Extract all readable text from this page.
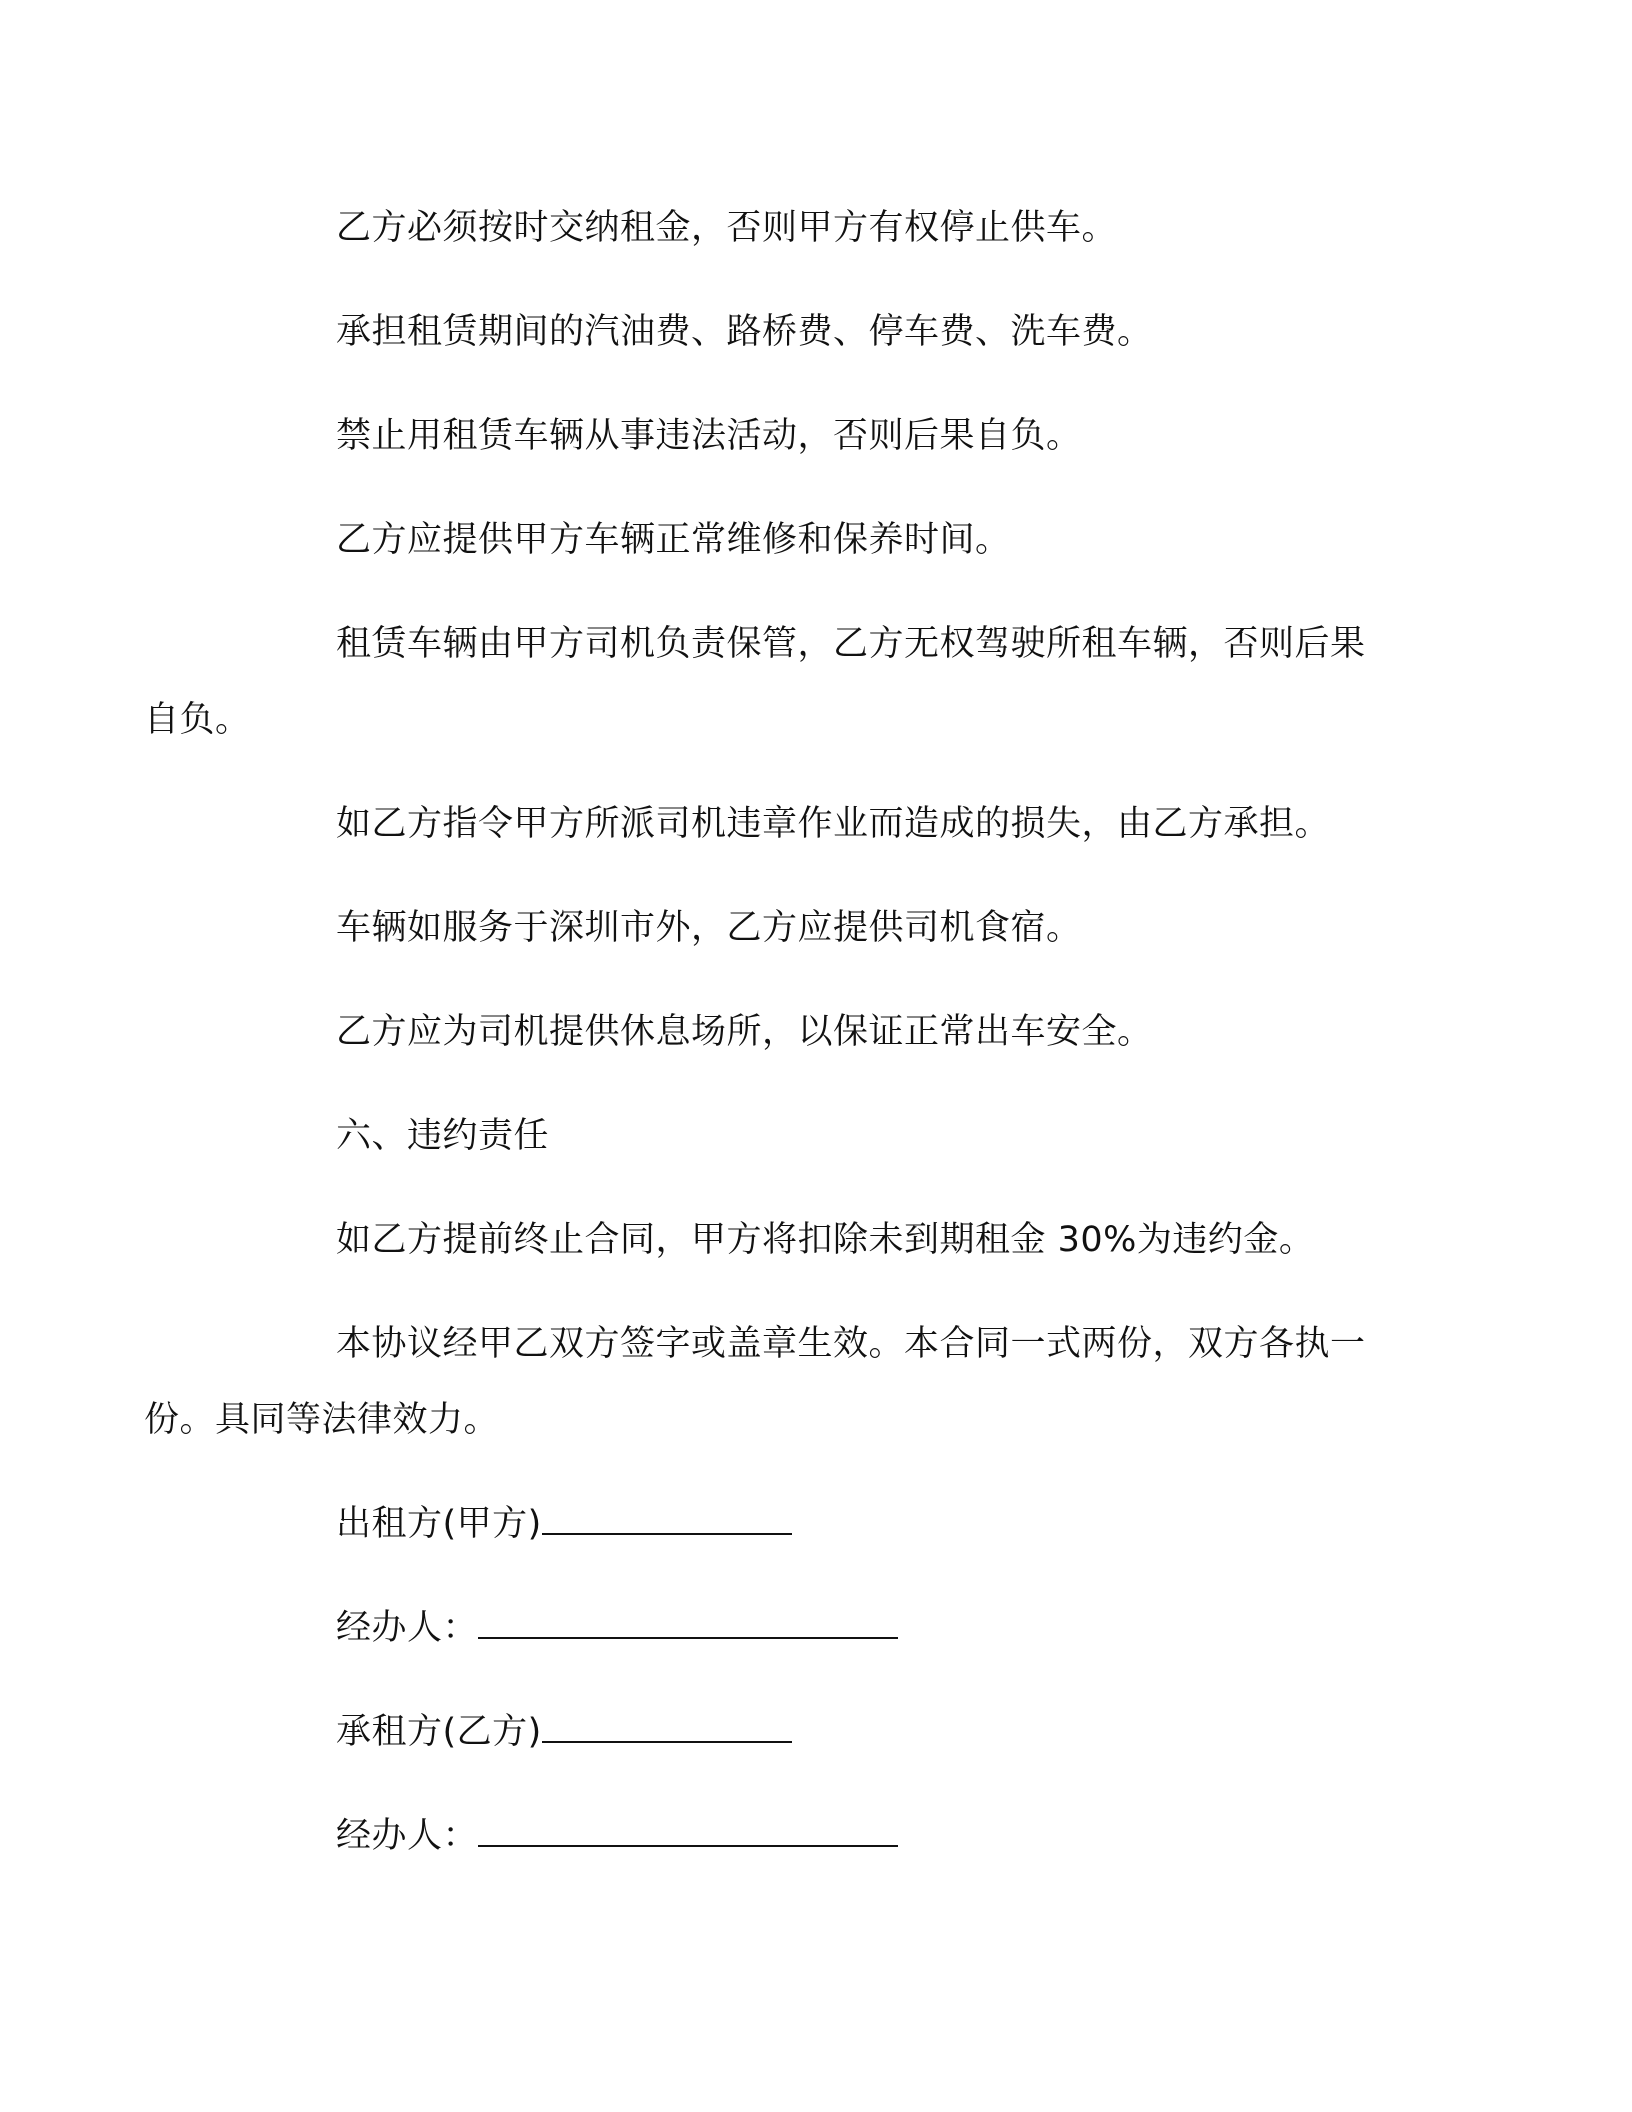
乙方必须按时交纳租金，否则甲方有权停止供车。

承担租赁期间的汽油费、路桥费、停车费、洗车费。

禁止用租赁车辆从事违法活动，否则后果自负。

乙方应提供甲方车辆正常维修和保养时间。

租赁车辆由甲方司机负责保管，乙方无权驾驶所租车辆，否则后果自负。

如乙方指令甲方所派司机违章作业而造成的损失，由乙方承担。

车辆如服务于深圳市外，乙方应提供司机食宿。

乙方应为司机提供休息场所，以保证正常出车安全。

六、违约责任

如乙方提前终止合同，甲方将扣除未到期租金 30%为违约金。

本协议经甲乙双方签字或盖章生效。本合同一式两份，双方各执一份。具同等法律效力。

出租方(甲方)

经办人：

承租方(乙方)

经办人：
